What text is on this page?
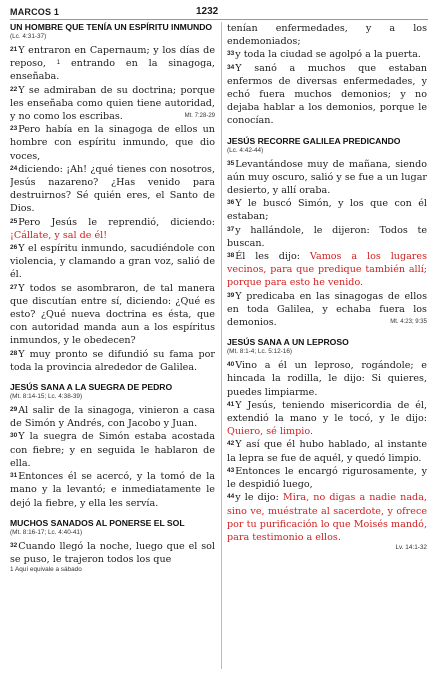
MARCOS 1	1232
UN HOMBRE QUE TENÍA UN ESPÍRITU INMUNDO
(Lc. 4:31-37)

$^{21}$Y entraron en Capernaum; y los días de reposo, $^1$ entrando en la sinagoga, enseñaba.

$^{22}$Y se admiraban de su doctrina; porque les enseñaba como quien tiene autoridad, y no como los escribas.	Mt. 7:28-29

$^{23}$Pero había en la sinagoga de ellos un hombre con espíritu inmundo, que dio voces,

$^{24}$diciendo: ¡Ah! ¿qué tienes con nosotros, Jesús nazareno? ¿Has venido para destruirnos? Sé quién eres, el Santo de Dios.

$^{25}$Pero Jesús le reprendió, diciendo: ¡Cállate, y sal de él!

$^{26}$Y el espíritu inmundo, sacudiéndole con violencia, y clamando a gran voz, salió de él.

$^{27}$Y todos se asombraron, de tal manera que discutían entre sí, diciendo: ¿Qué es esto? ¿Qué nueva doctrina es ésta, que con autoridad manda aun a los espíritus inmundos, y le obedecen?

$^{28}$Y muy pronto se difundió su fama por toda la provincia alrededor de Galilea.

JESÚS SANA A LA SUEGRA DE PEDRO
(Mt. 8:14-15; Lc. 4:38-39)

$^{29}$Al salir de la sinagoga, vinieron a casa de Simón y Andrés, con Jacobo y Juan.

$^{30}$Y la suegra de Simón estaba acostada con fiebre; y en seguida le hablaron de ella.

$^{31}$Entonces él se acercó, y la tomó de la mano y la levantó; e inmediatamente le dejó la fiebre, y ella les servía.

MUCHOS SANADOS AL PONERSE EL SOL
(Mt. 8:16-17; Lc. 4:40-41)

$^{32}$Cuando llegó la noche, luego que el sol se puso, le trajeron todos los que

1 Aquí equivale a sábado

tenían enfermedades, y a los endemoniados;

$^{33}$y toda la ciudad se agolpó a la puerta.

$^{34}$Y sanó a muchos que estaban enfermos de diversas enfermedades, y echó fuera muchos demonios; y no dejaba hablar a los demonios, porque le conocían.

JESÚS RECORRE GALILEA PREDICANDO
(Lc. 4:42-44)

$^{35}$Levantándose muy de mañana, siendo aún muy oscuro, salió y se fue a un lugar desierto, y allí oraba.

$^{36}$Y le buscó Simón, y los que con él estaban;

$^{37}$y hallándole, le dijeron: Todos te buscan.

$^{38}$Él les dijo: Vamos a los lugares vecinos, para que predique también allí; porque para esto he venido.

$^{39}$Y predicaba en las sinagogas de ellos en toda Galilea, y echaba fuera los demonios.	Mt. 4:23; 9:35

JESÚS SANA A UN LEPROSO
(Mt. 8:1-4; Lc. 5:12-16)

$^{40}$Vino a él un leproso, rogándole; e hincada la rodilla, le dijo: Si quieres, puedes limpiarme.

$^{41}$Y Jesús, teniendo misericordia de él, extendió la mano y le tocó, y le dijo: Quiero, sé limpio.

$^{42}$Y así que él hubo hablado, al instante la lepra se fue de aquél, y quedó limpio.

$^{43}$Entonces le encargó rigurosamente, y le despidió luego,

$^{44}$y le dijo: Mira, no digas a nadie nada, sino ve, muéstrate al sacerdote, y ofrece por tu purificación lo que Moisés mandó, para testimonio a ellos.

Lv. 14:1-32
